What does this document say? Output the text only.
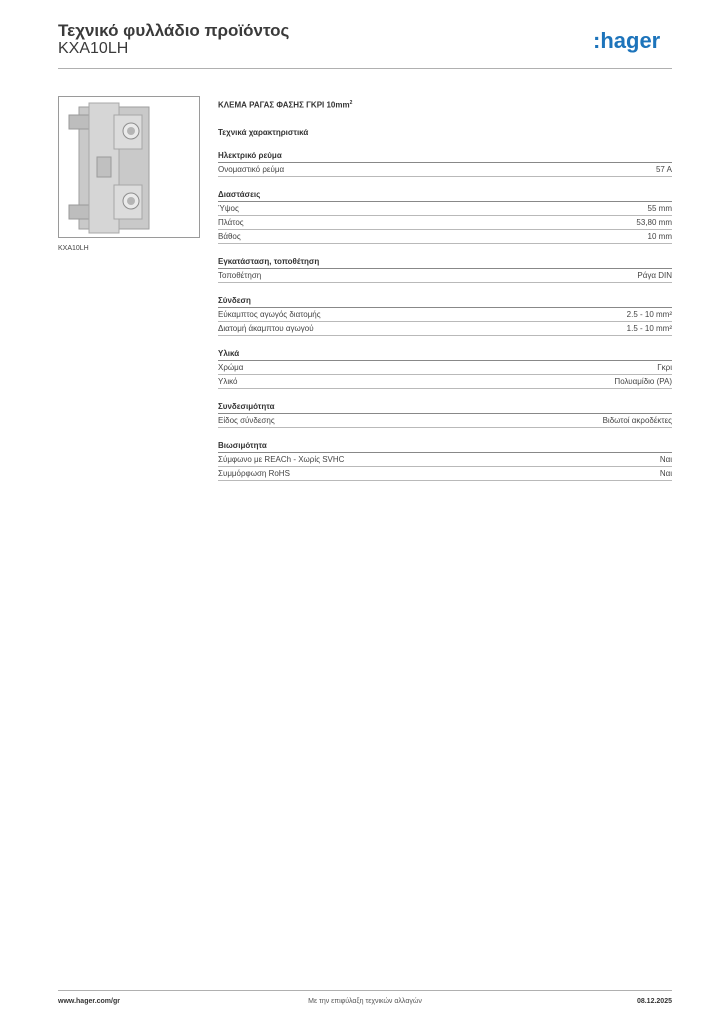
Τεχνικό φυλλάδιο προϊόντος
KXA10LH	:hager
KXA10LH
ΚΛΕΜΑ ΡΑΓΑΣ ΦΑΣΗΣ ΓΚΡΙ $10mm^2$
Τεχνικά χαρακτηριστικά
Ηλεκτρικό ρεύμα
Ονομαστικό ρεύμα	57 A
Διαστάσεις
Ύψος	55 mm
Πλάτος	53,80 mm
Βάθος	10 mm
Εγκατάσταση, τοποθέτηση
Τοποθέτηση	Ράγα DIN
Σύνδεση
Εύκαμπτος αγωγός διατομής	2.5 - 10 mm²
Διατομή άκαμπτου αγωγού	1.5 - 10 mm²
Υλικά
Χρώμα	Γκρι
Υλικό	Πολυαμίδιο (PA)
Συνδεσιμότητα
Είδος σύνδεσης	Βιδωτοί ακροδέκτες
Βιωσιμότητα
Σύμφωνο με REACh - Χωρίς SVHC	Ναι
Συμμόρφωση RoHS	Ναι
www.hager.com/gr	Με την επιφύλαξη τεχνικών αλλαγών	08.12.2025
